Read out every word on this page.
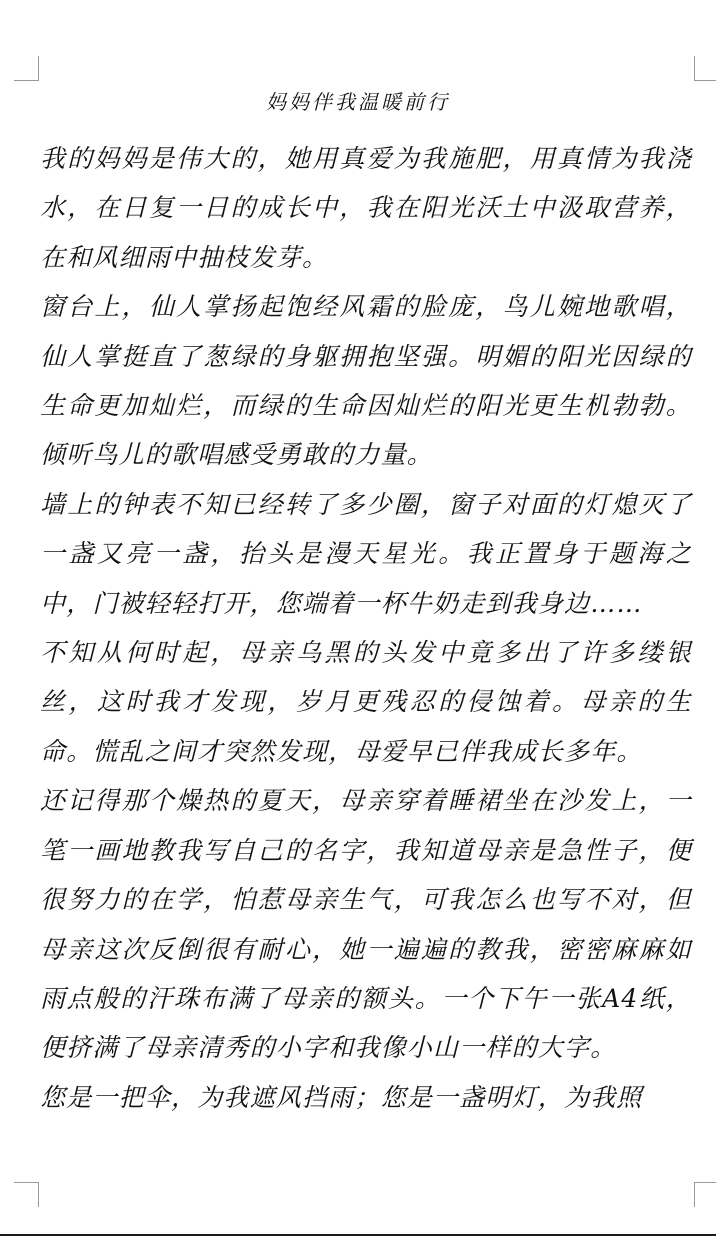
妈妈伴我温暖前行

我的妈妈是伟大的，她用真爱为我施肥，用真情为我浇水，在日复一日的成长中，我在阳光沃土中汲取营养，在和风细雨中抽枝发芽。

窗台上，仙人掌扬起饱经风霜的脸庞，鸟儿婉地歌唱，仙人掌挺直了葱绿的身躯拥抱坚强。明媚的阳光因绿的生命更加灿烂，而绿的生命因灿烂的阳光更生机勃勃。倾听鸟儿的歌唱感受勇敢的力量。

墙上的钟表不知已经转了多少圈，窗子对面的灯熄灭了一盏又亮一盏，抬头是漫天星光。我正置身于题海之中，门被轻轻打开，您端着一杯牛奶走到我身边……

不知从何时起，母亲乌黑的头发中竟多出了许多缕银丝，这时我才发现，岁月更残忍的侵蚀着。母亲的生命。慌乱之间才突然发现，母爱早已伴我成长多年。

还记得那个燥热的夏天，母亲穿着睡裙坐在沙发上，一笔一画地教我写自己的名字，我知道母亲是急性子，便很努力的在学，怕惹母亲生气，可我怎么也写不对，但母亲这次反倒很有耐心，她一遍遍的教我，密密麻麻如雨点般的汗珠布满了母亲的额头。一个下午一张A4纸，便挤满了母亲清秀的小字和我像小山一样的大字。

您是一把伞，为我遮风挡雨；您是一盏明灯，为我照
